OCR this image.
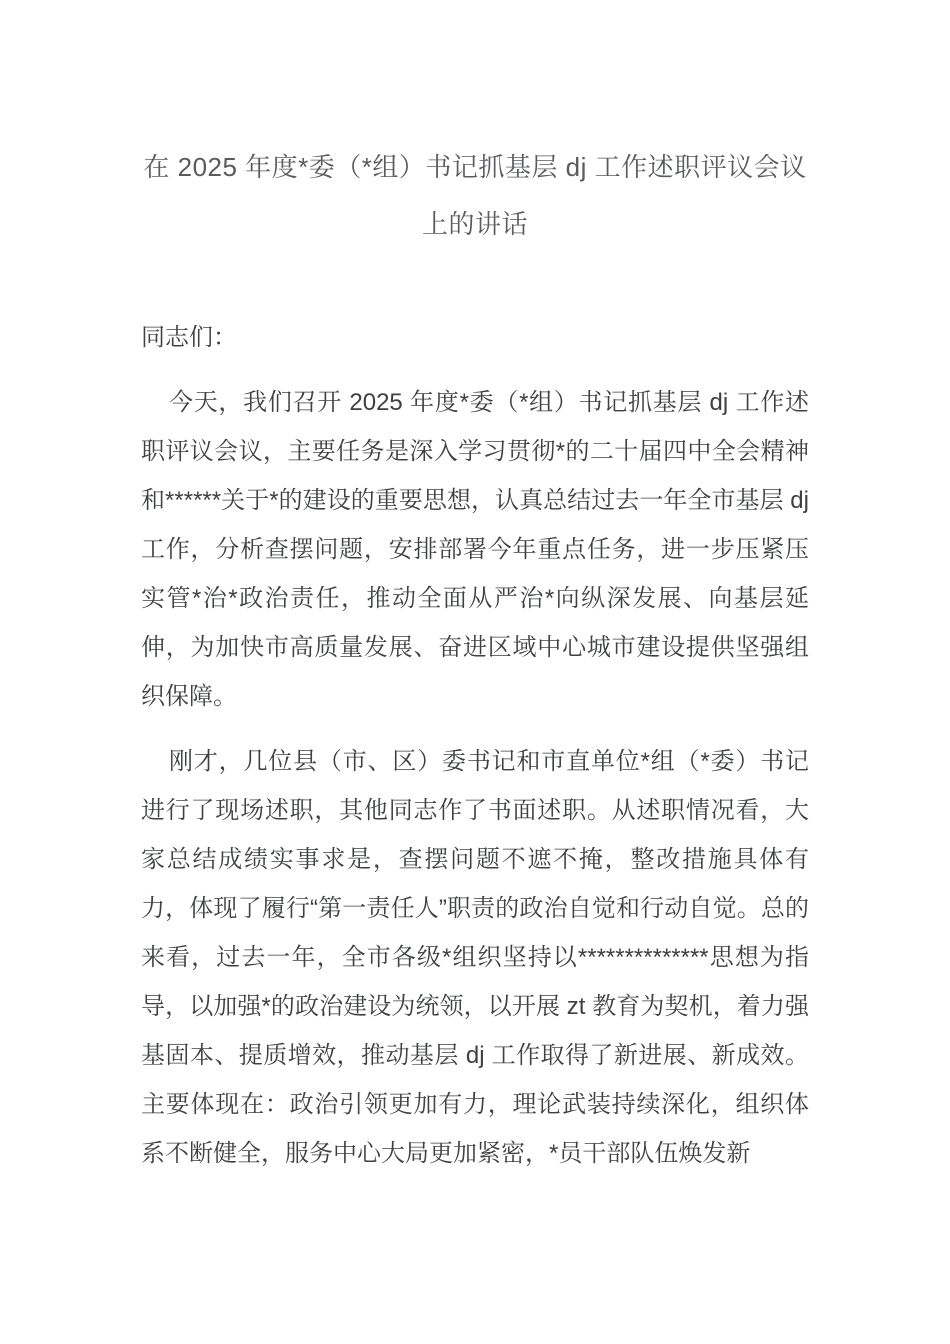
在 2025 年度*委（*组）书记抓基层 dj 工作述职评议会议上的讲话

同志们：

今天，我们召开 2025 年度*委（*组）书记抓基层 dj 工作述职评议会议，主要任务是深入学习贯彻*的二十届四中全会精神和******关于*的建设的重要思想，认真总结过去一年全市基层 dj 工作，分析查摆问题，安排部署今年重点任务，进一步压紧压实管*治*政治责任，推动全面从严治*向纵深发展、向基层延伸，为加快市高质量发展、奋进区域中心城市建设提供坚强组织保障。

刚才，几位县（市、区）委书记和市直单位*组（*委）书记进行了现场述职，其他同志作了书面述职。从述职情况看，大家总结成绩实事求是，查摆问题不遮不掩，整改措施具体有力，体现了履行“第一责任人”职责的政治自觉和行动自觉。总的来看，过去一年，全市各级*组织坚持以**************思想为指导，以加强*的政治建设为统领，以开展 zt 教育为契机，着力强基固本、提质增效，推动基层 dj 工作取得了新进展、新成效。主要体现在：政治引领更加有力，理论武装持续深化，组织体系不断健全，服务中心大局更加紧密，*员干部队伍焕发新
